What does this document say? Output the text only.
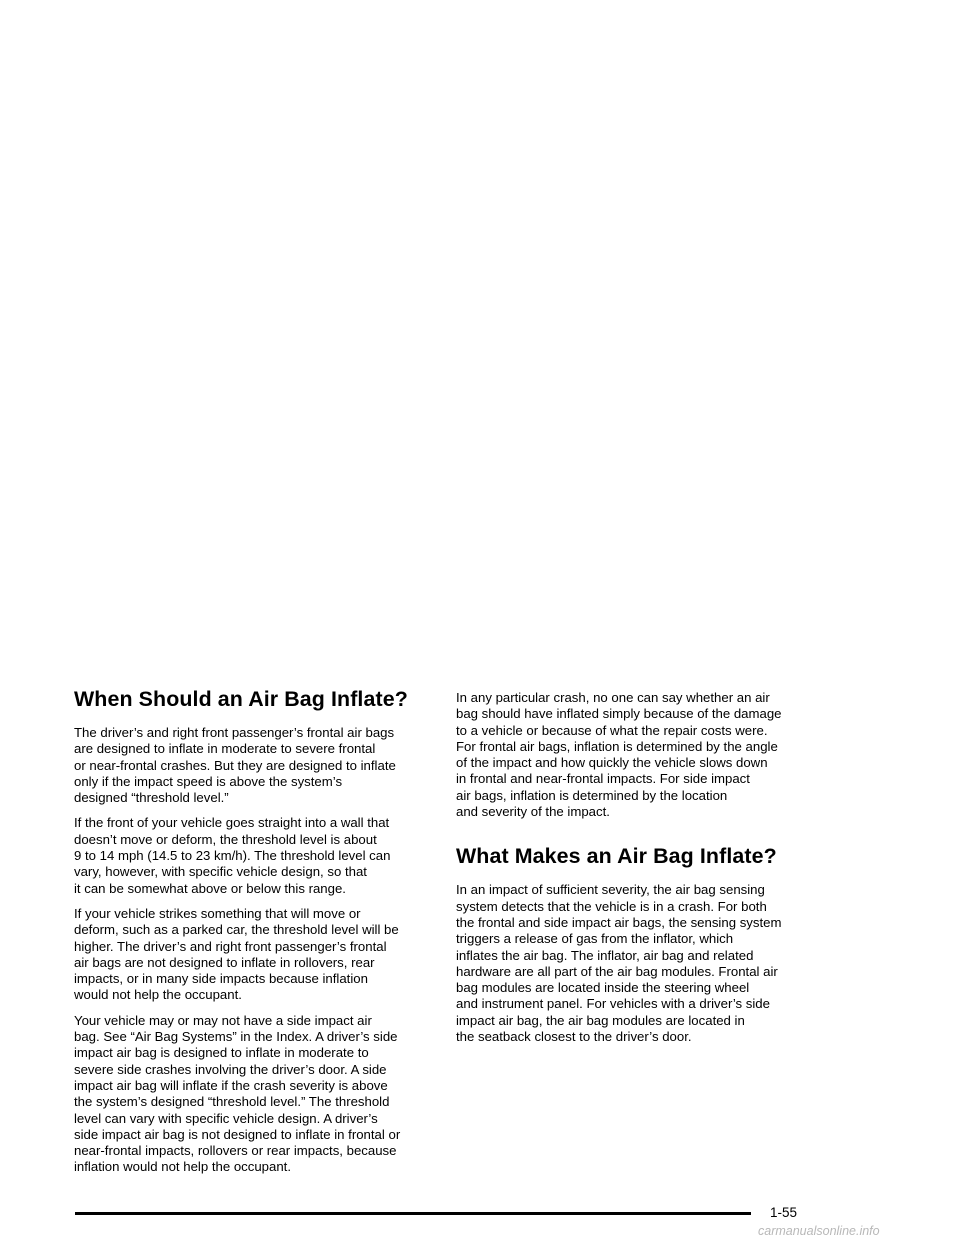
When Should an Air Bag Inflate?

The driver’s and right front passenger’s frontal air bags
are designed to inflate in moderate to severe frontal
or near-frontal crashes. But they are designed to inflate
only if the impact speed is above the system’s
designed “threshold level.”

If the front of your vehicle goes straight into a wall that
doesn’t move or deform, the threshold level is about
9 to 14 mph (14.5 to 23 km/h). The threshold level can
vary, however, with specific vehicle design, so that
it can be somewhat above or below this range.

If your vehicle strikes something that will move or
deform, such as a parked car, the threshold level will be
higher. The driver’s and right front passenger’s frontal
air bags are not designed to inflate in rollovers, rear
impacts, or in many side impacts because inflation
would not help the occupant.

Your vehicle may or may not have a side impact air
bag. See “Air Bag Systems” in the Index. A driver’s side
impact air bag is designed to inflate in moderate to
severe side crashes involving the driver’s door. A side
impact air bag will inflate if the crash severity is above
the system’s designed “threshold level.” The threshold
level can vary with specific vehicle design. A driver’s
side impact air bag is not designed to inflate in frontal or
near-frontal impacts, rollovers or rear impacts, because
inflation would not help the occupant.

In any particular crash, no one can say whether an air
bag should have inflated simply because of the damage
to a vehicle or because of what the repair costs were.
For frontal air bags, inflation is determined by the angle
of the impact and how quickly the vehicle slows down
in frontal and near-frontal impacts. For side impact
air bags, inflation is determined by the location
and severity of the impact.

What Makes an Air Bag Inflate?

In an impact of sufficient severity, the air bag sensing
system detects that the vehicle is in a crash. For both
the frontal and side impact air bags, the sensing system
triggers a release of gas from the inflator, which
inflates the air bag. The inflator, air bag and related
hardware are all part of the air bag modules. Frontal air
bag modules are located inside the steering wheel
and instrument panel. For vehicles with a driver’s side
impact air bag, the air bag modules are located in
the seatback closest to the driver’s door.

1-55
carmanualsonline.info
